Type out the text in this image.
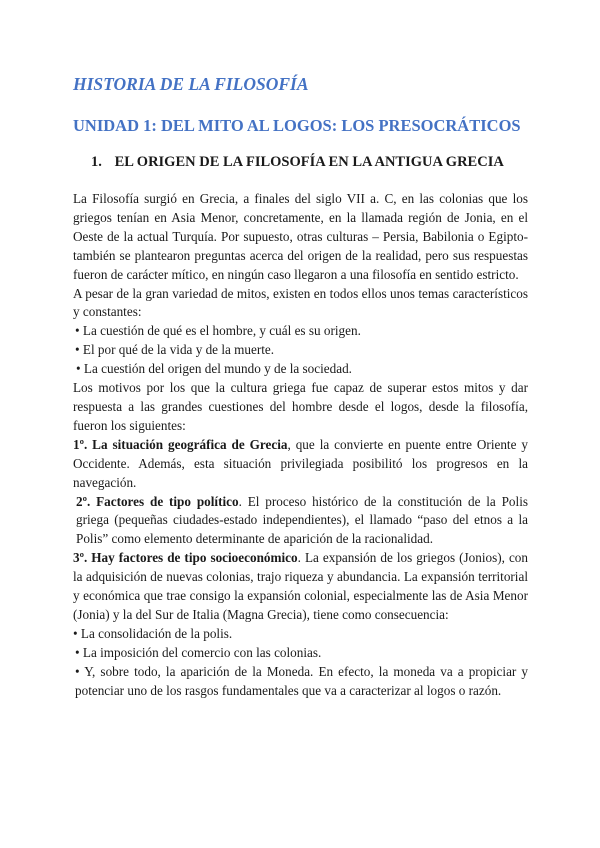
HISTORIA DE LA FILOSOFÍA
UNIDAD 1: DEL MITO AL LOGOS: LOS PRESOCRÁTICOS
1. EL ORIGEN DE LA FILOSOFÍA EN LA ANTIGUA GRECIA

La Filosofía surgió en Grecia, a finales del siglo VII a. C, en las colonias que los griegos tenían en Asia Menor, concretamente, en la llamada región de Jonia, en el Oeste de la actual Turquía. Por supuesto, otras culturas – Persia, Babilonia o Egipto- también se plantearon preguntas acerca del origen de la realidad, pero sus respuestas fueron de carácter mítico, en ningún caso llegaron a una filosofía en sentido estricto.

A pesar de la gran variedad de mitos, existen en todos ellos unos temas característicos y constantes:

• La cuestión de qué es el hombre, y cuál es su origen.

• El por qué de la vida y de la muerte.

• La cuestión del origen del mundo y de la sociedad.

Los motivos por los que la cultura griega fue capaz de superar estos mitos y dar respuesta a las grandes cuestiones del hombre desde el logos, desde la filosofía, fueron los siguientes:

1º. La situación geográfica de Grecia, que la convierte en puente entre Oriente y Occidente. Además, esta situación privilegiada posibilitó los progresos en la navegación.

2º. Factores de tipo político. El proceso histórico de la constitución de la Polis griega (pequeñas ciudades-estado independientes), el llamado “paso del etnos a la Polis” como elemento determinante de aparición de la racionalidad.

3º. Hay factores de tipo socioeconómico. La expansión de los griegos (Jonios), con la adquisición de nuevas colonias, trajo riqueza y abundancia. La expansión territorial y económica que trae consigo la expansión colonial, especialmente las de Asia Menor (Jonia) y la del Sur de Italia (Magna Grecia), tiene como consecuencia:

• La consolidación de la polis.

• La imposición del comercio con las colonias.

• Y, sobre todo, la aparición de la Moneda. En efecto, la moneda va a propiciar y potenciar uno de los rasgos fundamentales que va a caracterizar al logos o razón.
